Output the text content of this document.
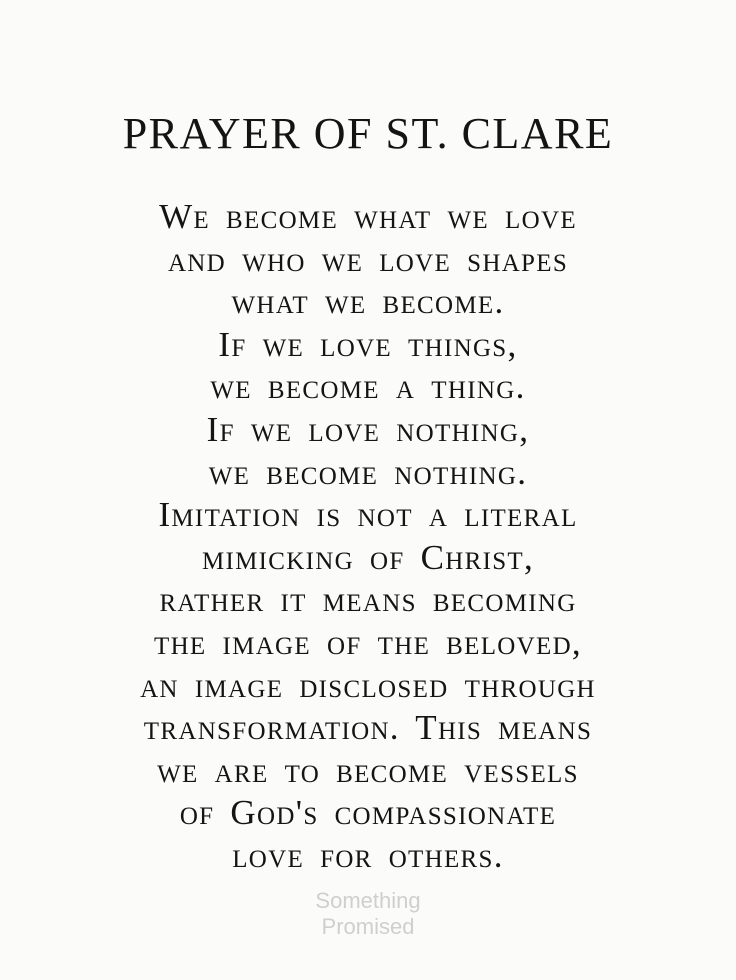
PRAYER OF ST. CLARE
We become what we love
and who we love shapes
what we become.
If we love things,
we become a thing.
If we love nothing,
we become nothing.
Imitation is not a literal
mimicking of Christ,
rather it means becoming
the image of the beloved,
an image disclosed through
transformation. This means
we are to become vessels
of God's compassionate
love for others.
Something
Promised
